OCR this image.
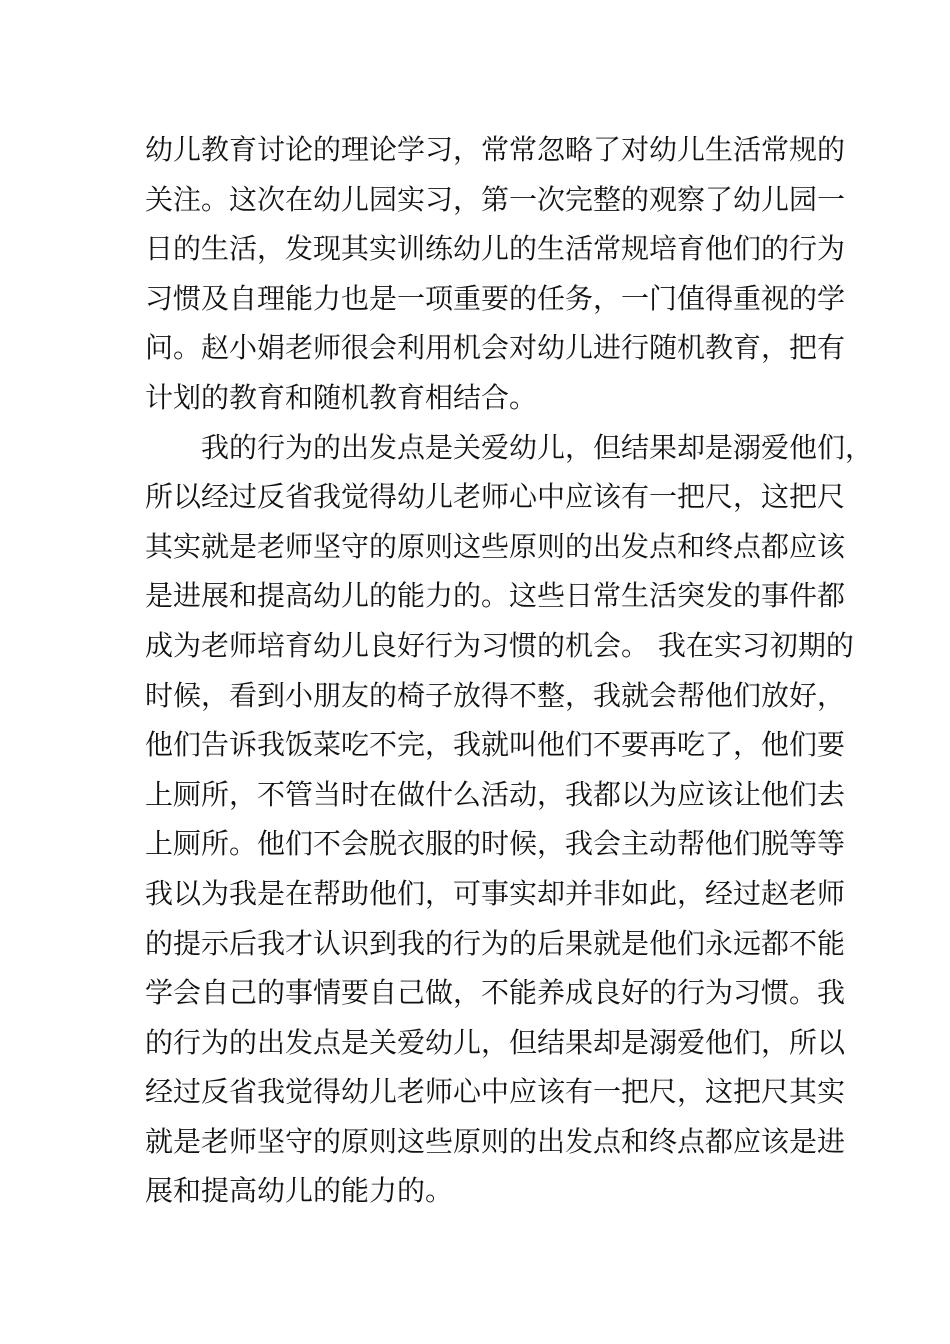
幼儿教育讨论的理论学习，常常忽略了对幼儿生活常规的
关注。这次在幼儿园实习，第一次完整的观察了幼儿园一
日的生活，发现其实训练幼儿的生活常规培育他们的行为
习惯及自理能力也是一项重要的任务，一门值得重视的学
问。赵小娟老师很会利用机会对幼儿进行随机教育，把有
计划的教育和随机教育相结合。
我的行为的出发点是关爱幼儿，但结果却是溺爱他们，
所以经过反省我觉得幼儿老师心中应该有一把尺，这把尺
其实就是老师坚守的原则这些原则的出发点和终点都应该
是进展和提高幼儿的能力的。这些日常生活突发的事件都
成为老师培育幼儿良好行为习惯的机会。 我在实习初期的
时候，看到小朋友的椅子放得不整，我就会帮他们放好，
他们告诉我饭菜吃不完，我就叫他们不要再吃了，他们要
上厕所，不管当时在做什么活动，我都以为应该让他们去
上厕所。他们不会脱衣服的时候，我会主动帮他们脱等等
我以为我是在帮助他们，可事实却并非如此，经过赵老师
的提示后我才认识到我的行为的后果就是他们永远都不能
学会自己的事情要自己做，不能养成良好的行为习惯。我
的行为的出发点是关爱幼儿，但结果却是溺爱他们，所以
经过反省我觉得幼儿老师心中应该有一把尺，这把尺其实
就是老师坚守的原则这些原则的出发点和终点都应该是进
展和提高幼儿的能力的。
